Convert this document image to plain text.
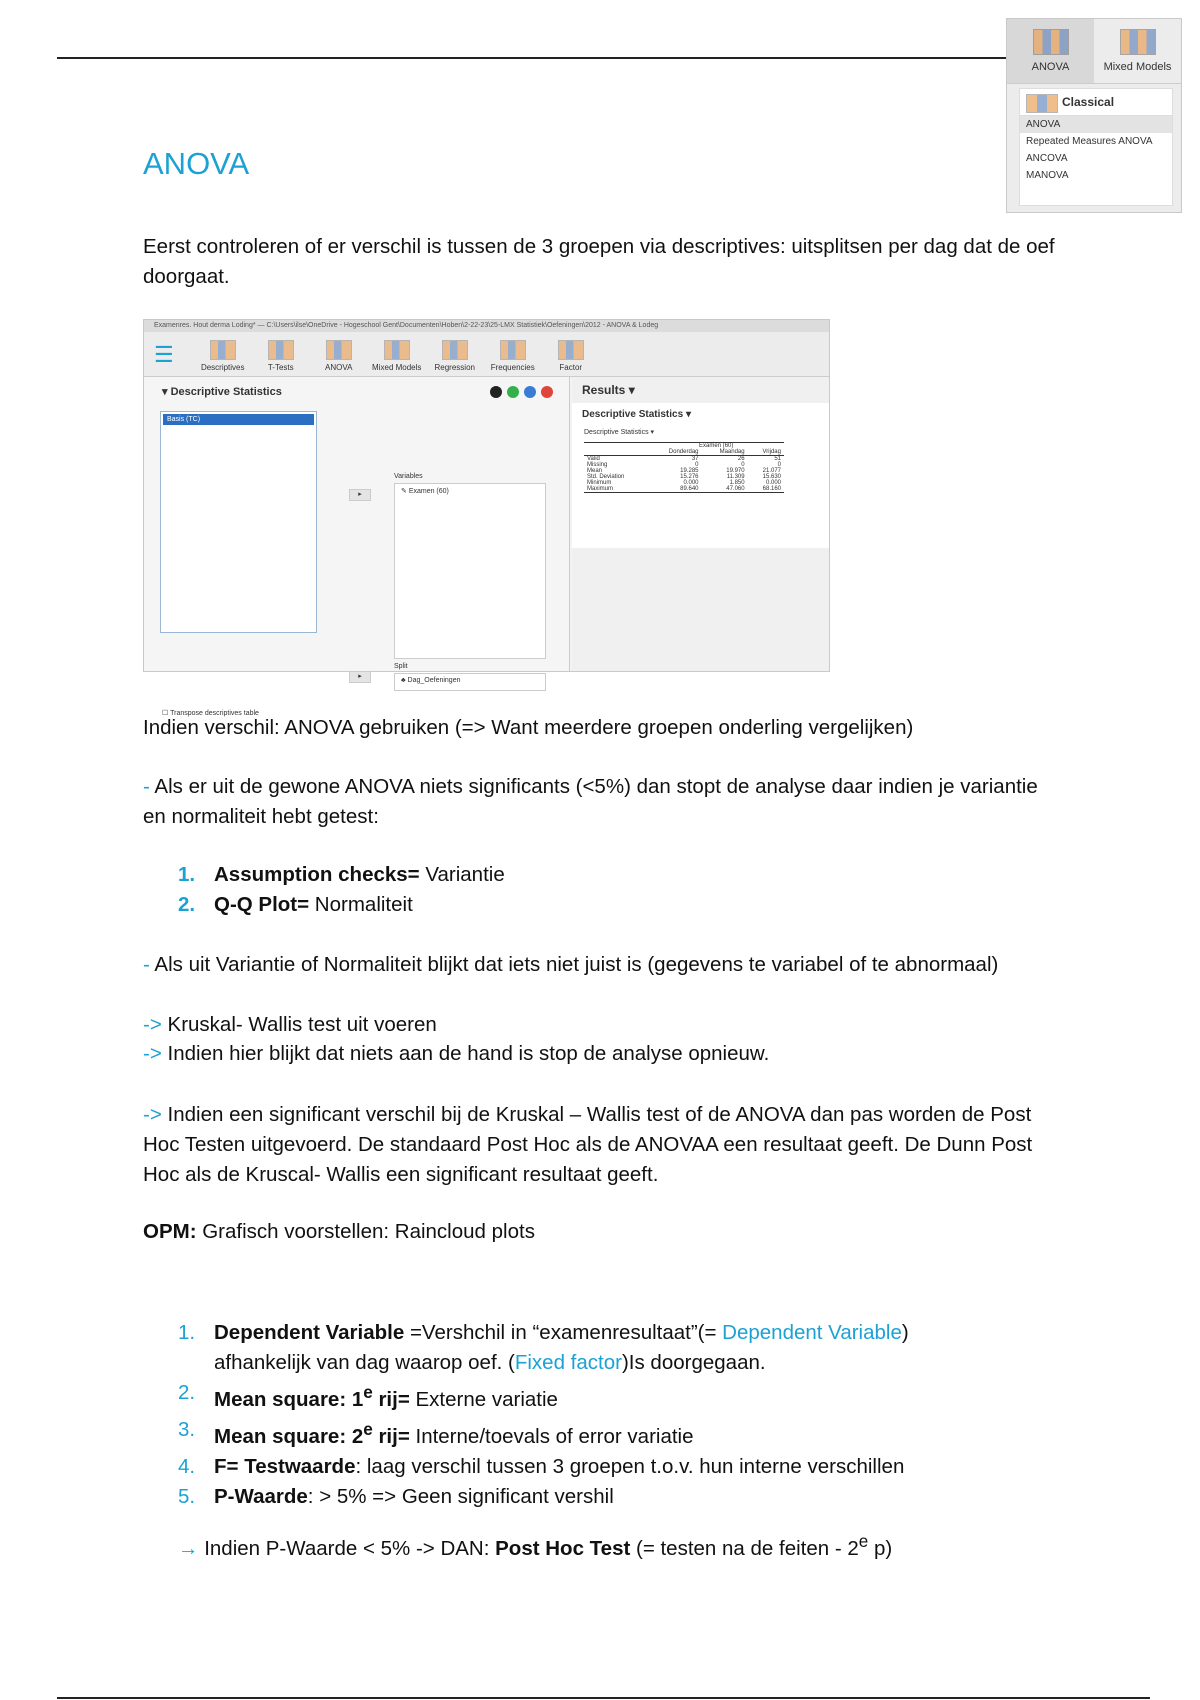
ANOVA	Mixed Models
Classical
ANOVA
Repeated Measures ANOVA
ANCOVA
MANOVA
ANOVA
Eerst controleren of er verschil is tussen de 3 groepen via descriptives: uitsplitsen per dag dat de oef doorgaat.
Examenres. Hout derma Loding* — C:\Users\ilse\OneDrive - Hogeschool Gent\Documenten\Hoben\2-22-23\25-LMX Statistiek\Oefeningen\2012 - ANOVA & Lodeg
☰
Descriptives	T-Tests	ANOVA	Mixed Models	Regression	Frequencies	Factor
▾ Descriptive Statistics
Basis (TC)
▸
Variables
✎ Examen (60)
▸
Split
♣ Dag_Oefeningen
☐ Transpose descriptives table
Results ▾
Descriptive Statistics ▾
Descriptive Statistics ▾
	Examen (60)		
	Donderdag	Maandag	Vrijdag
Valid	37	26	51
Missing	0	0	0
Mean	19.285	19.970	21.077
Std. Deviation	15.276	11.309	15.630
Minimum	0.000	1.850	0.000
Maximum	89.640	47.060	68.160
Indien verschil: ANOVA gebruiken (=> Want meerdere groepen onderling vergelijken)
- Als er uit de gewone ANOVA niets significants (<5%) dan stopt de analyse daar indien je variantie en normaliteit hebt getest:
1. Assumption checks= Variantie
2. Q-Q Plot= Normaliteit
- Als uit Variantie of Normaliteit blijkt dat iets niet juist is (gegevens te variabel of te abnormaal)
-> Kruskal- Wallis test uit voeren
-> Indien hier blijkt dat niets aan de hand is stop de analyse opnieuw.
-> Indien een significant verschil bij de Kruskal – Wallis test of de ANOVA dan pas worden de Post Hoc Testen uitgevoerd. De standaard Post Hoc als de ANOVAA een resultaat geeft. De Dunn Post Hoc als de Kruscal- Wallis een significant resultaat geeft.
OPM: Grafisch voorstellen: Raincloud plots
1. Dependent Variable =Vershchil in “examenresultaat”(= Dependent Variable) afhankelijk van dag waarop oef. (Fixed factor)Is doorgegaan.
2. Mean square: 1e rij= Externe variatie
3. Mean square: 2e rij= Interne/toevals of error variatie
4. F= Testwaarde: laag verschil tussen 3 groepen t.o.v. hun interne verschillen
5. P-Waarde: > 5% => Geen significant vershil
→ Indien P-Waarde < 5% -> DAN: Post Hoc Test (= testen na de feiten - 2e p)
